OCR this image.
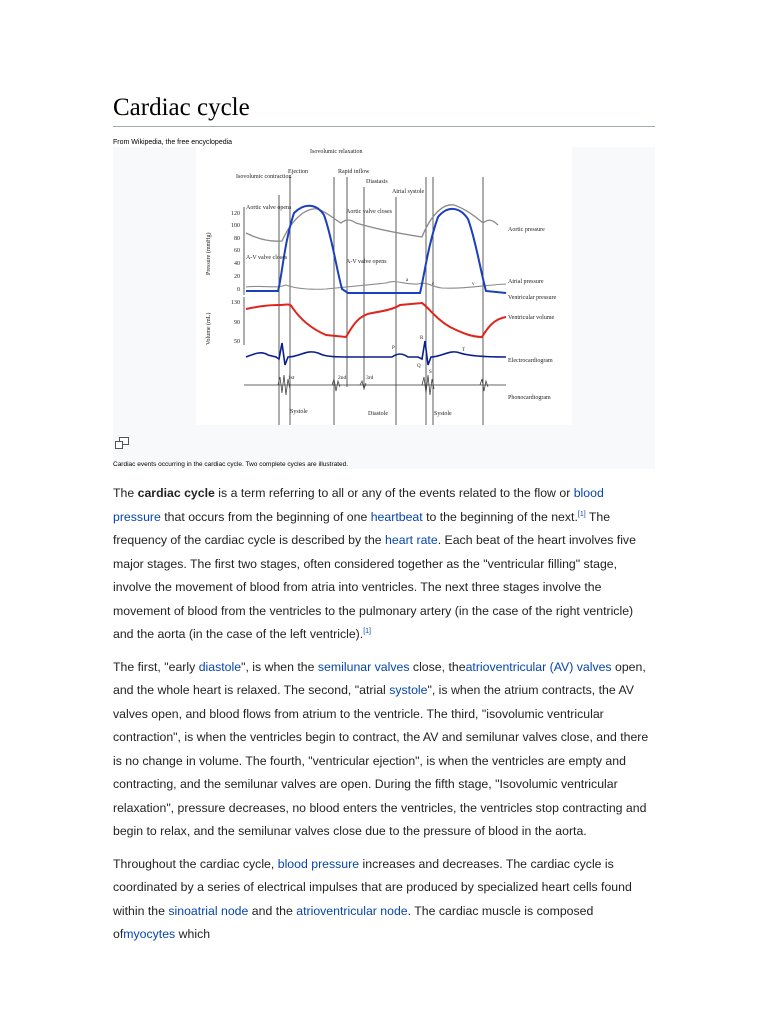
Cardiac cycle
From Wikipedia, the free encyclopedia
120
100
80
60
40
20
0
130
90
50
Pressure (mmHg)
Volume (mL)
Isovolumic relaxation
Ejection	Rapid inflow
Isovolumic contraction
Diastasis
Atrial systole
Aortic valve opens
Aortic valve closes
A-V valve closes
A-V valve opens
a
c	v
P
R
Q
S
T
1st	2nd	3rd
Systole	Diastole	Systole
Aortic pressure
Atrial pressure
Ventricular pressure
Ventricular volume
Electrocardiogram
Phonocardiogram
Cardiac events occurring in the cardiac cycle. Two complete cycles are illustrated.

The cardiac cycle is a term referring to all or any of the events related to the flow or blood pressure that occurs from the beginning of one heartbeat to the beginning of the next.[1] The frequency of the cardiac cycle is described by the heart rate. Each beat of the heart involves five major stages. The first two stages, often considered together as the "ventricular filling" stage, involve the movement of blood from atria into ventricles. The next three stages involve the movement of blood from the ventricles to the pulmonary artery (in the case of the right ventricle) and the aorta (in the case of the left ventricle).[1]

The first, "early diastole", is when the semilunar valves close, theatrioventricular (AV) valves open, and the whole heart is relaxed. The second, "atrial systole", is when the atrium contracts, the AV valves open, and blood flows from atrium to the ventricle. The third, "isovolumic ventricular contraction", is when the ventricles begin to contract, the AV and semilunar valves close, and there is no change in volume. The fourth, "ventricular ejection", is when the ventricles are empty and contracting, and the semilunar valves are open. During the fifth stage, "Isovolumic ventricular relaxation", pressure decreases, no blood enters the ventricles, the ventricles stop contracting and begin to relax, and the semilunar valves close due to the pressure of blood in the aorta.

Throughout the cardiac cycle, blood pressure increases and decreases. The cardiac cycle is coordinated by a series of electrical impulses that are produced by specialized heart cells found within the sinoatrial node and the atrioventricular node. The cardiac muscle is composed ofmyocytes which
